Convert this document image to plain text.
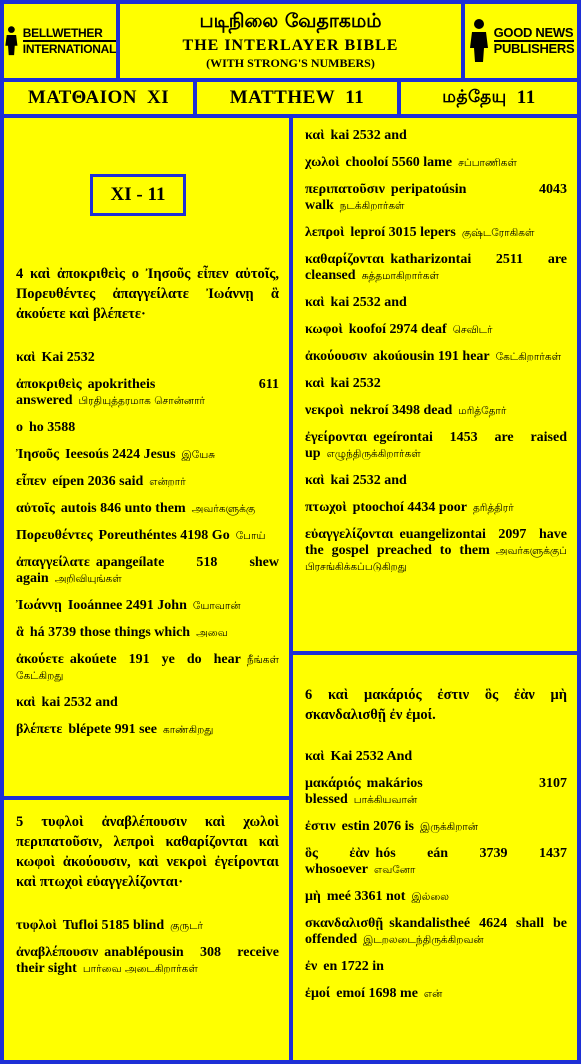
BELLWETHER
INTERNATIONAL
படிநிலை வேதாகமம்
THE INTERLAYER BIBLE
(WITH STRONG'S NUMBERS)
GOOD NEWS
PUBLISHERS
ΜΑΤΘΑΙΟΝ XI	MATTHEW 11	மத்தேயு 11
XI - 11

4 καὶ ἀποκριθεὶς ο Ἰησοῦς εἶπεν αὐτοῖς, Πορευθέντες ἀπαγγείλατε Ἰωάννῃ ἃ ἀκούετε καὶ βλέπετε·

καὶ Kai 2532

ἀποκριθεὶς apokritheis 611 answered பிரதியுத்தரமாக சொன்னார்

ο ho 3588

Ἰησοῦς Ieesoús 2424 Jesus இயேசு

εἶπεν eípen 2036 said என்றார்

αὐτοῖς autois 846 unto them அவர்களுக்கு

Πορευθέντες Poreuthéntes 4198 Go போய்

ἀπαγγείλατε apangeílate 518 shew again அறிவியுங்கள்

Ἰωάννῃ Iooánnee 2491 John யோவான்

ἃ há 3739 those things which அவை

ἀκούετε akoúete 191 ye do hear நீங்கள் கேட்கிறது

καὶ kai 2532 and

βλέπετε blépete 991 see காண்கிறது

5 τυφλοὶ ἀναβλέπουσιν καὶ χωλοὶ περιπατοῦσιν, λεπροὶ καθαρίζονται καὶ κωφοὶ ἀκούουσιν, καὶ νεκροὶ ἐγείρονται καὶ πτωχοὶ εὐαγγελίζονται·

τυφλοὶ Tufloi 5185 blind குருடர்

ἀναβλέπουσιν anablépousin 308 receive their sight பார்வை அடைகிறார்கள்

καὶ kai 2532 and

χωλοὶ chooloí 5560 lame சப்பாணிகள்

περιπατοῦσιν peripatoúsin 4043 walk நடக்கிறார்கள்

λεπροὶ leproí 3015 lepers குஷ்டரோகிகள்

καθαρίζονται katharizontai 2511 are cleansed சுத்தமாகிறார்கள்

καὶ kai 2532 and

κωφοὶ koofoí 2974 deaf செவிடர்

ἀκούουσιν akoúousin 191 hear கேட்கிறார்கள்

καὶ kai 2532

νεκροὶ nekroí 3498 dead மரித்தோர்

ἐγείρονται egeírontai 1453 are raised up எழுந்திருக்கிறார்கள்

καὶ kai 2532 and

πτωχοὶ ptoochoí 4434 poor தரித்திரர்

εὐαγγελίζονται euangelizontai 2097 have the gospel preached to them அவர்களுக்குப் பிரசங்கிக்கப்படுகிறது

6 καὶ μακάριός ἐστιν ὃς ἐὰν μὴ σκανδαλισθῇ ἐν ἐμοί.

καὶ Kai 2532 And

μακάριός makários 3107 blessed பாக்கியவான்

ἐστιν estin 2076 is இருக்கிறான்

ὃς ἐὰν hós eán 3739 1437 whosoever எவனோ

μὴ meé 3361 not இல்லை

σκανδαλισθῇ skandalistheé 4624 shall be offended இடறலடைந்திருக்கிறவன்

ἐν en 1722 in

ἐμοί emoí 1698 me என்
